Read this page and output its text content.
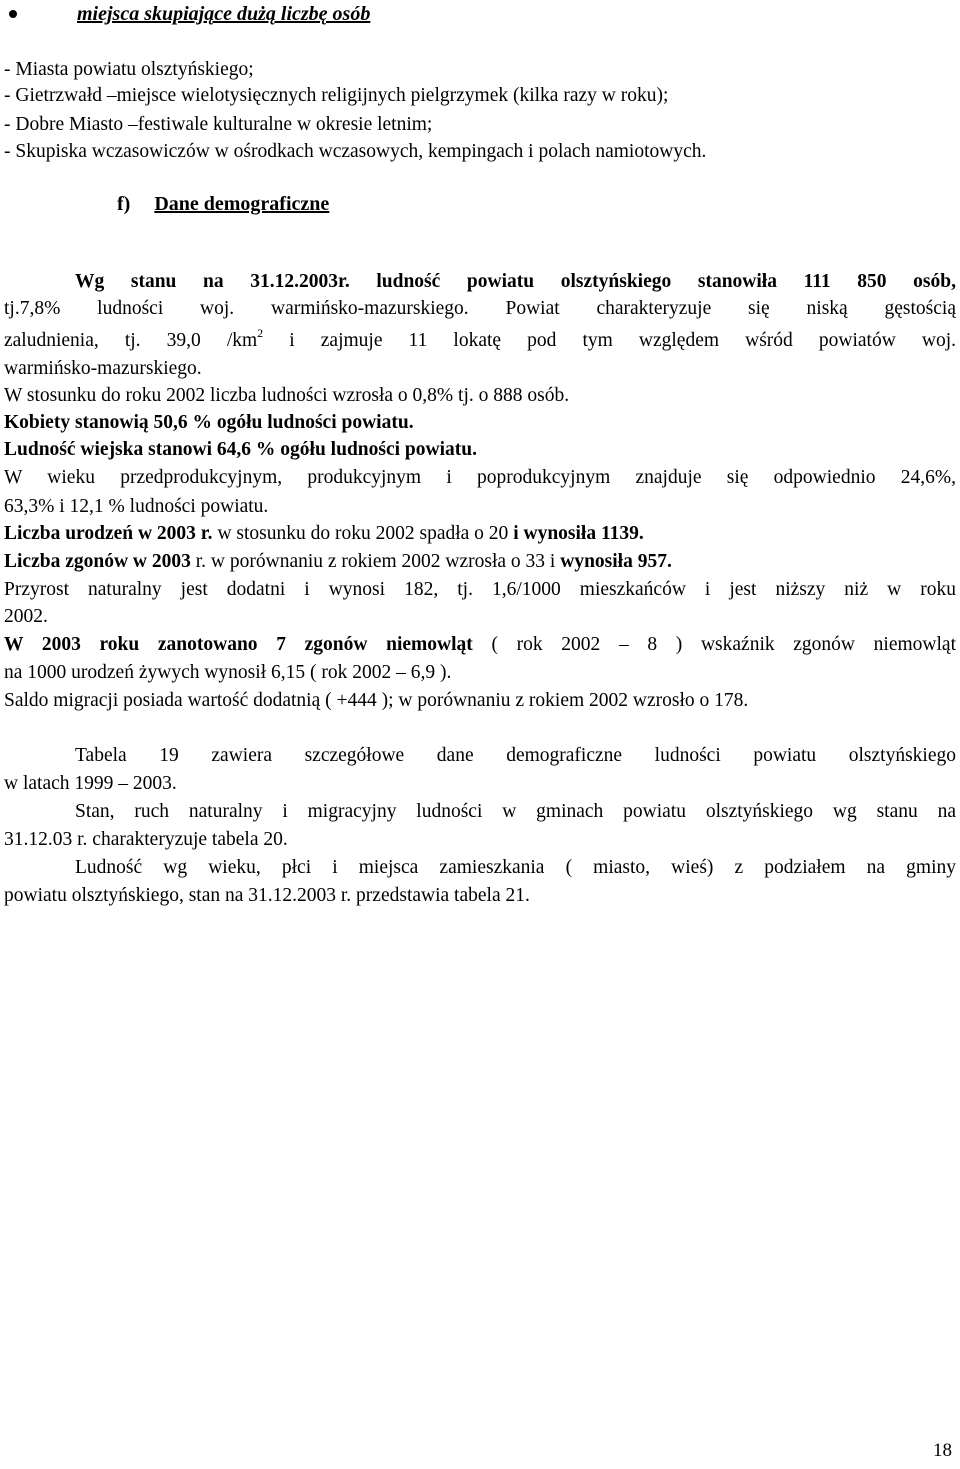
miejsca skupiające dużą liczbę osób
- Miasta powiatu olsztyńskiego;
- Gietrzwałd –miejsce wielotysięcznych religijnych pielgrzymek (kilka razy w roku);
- Dobre Miasto –festiwale kulturalne w okresie letnim;
- Skupiska wczasowiczów w ośrodkach wczasowych, kempingach i polach namiotowych.
f) Dane demograficzne
Wg stanu na 31.12.2003r. ludność powiatu olsztyńskiego stanowiła 111 850 osób,
tj.7,8% ludności woj. warmińsko-mazurskiego. Powiat charakteryzuje się niską gęstością
zaludnienia, tj. 39,0 $/km^2$ i zajmuje 11 lokatę pod tym względem wśród powiatów woj.
warmińsko-mazurskiego.
W stosunku do roku 2002 liczba ludności wzrosła o 0,8% tj. o 888 osób.
Kobiety stanowią 50,6 % ogółu ludności powiatu.
Ludność wiejska stanowi 64,6 % ogółu ludności powiatu.
W wieku przedprodukcyjnym, produkcyjnym i poprodukcyjnym znajduje się odpowiednio 24,6%,
63,3% i 12,1 % ludności powiatu.
Liczba urodzeń w 2003 r. w stosunku do roku 2002 spadła o 20 i wynosiła 1139.
Liczba zgonów w 2003 r. w porównaniu z rokiem 2002 wzrosła o 33 i wynosiła 957.
Przyrost naturalny jest dodatni i wynosi 182, tj. 1,6/1000 mieszkańców i jest niższy niż w roku
2002.
W 2003 roku zanotowano 7 zgonów niemowląt ( rok 2002 – 8 ) wskaźnik zgonów niemowląt
na 1000 urodzeń żywych wynosił 6,15 ( rok 2002 – 6,9 ).
Saldo migracji posiada wartość dodatnią ( +444 ); w porównaniu z rokiem 2002 wzrosło o 178.
Tabela 19 zawiera szczegółowe dane demograficzne ludności powiatu olsztyńskiego
w latach 1999 – 2003.
Stan, ruch naturalny i migracyjny ludności w gminach powiatu olsztyńskiego wg stanu na
31.12.03 r. charakteryzuje tabela 20.
Ludność wg wieku, płci i miejsca zamieszkania ( miasto, wieś) z podziałem na gminy
powiatu olsztyńskiego, stan na 31.12.2003 r. przedstawia tabela 21.
18
